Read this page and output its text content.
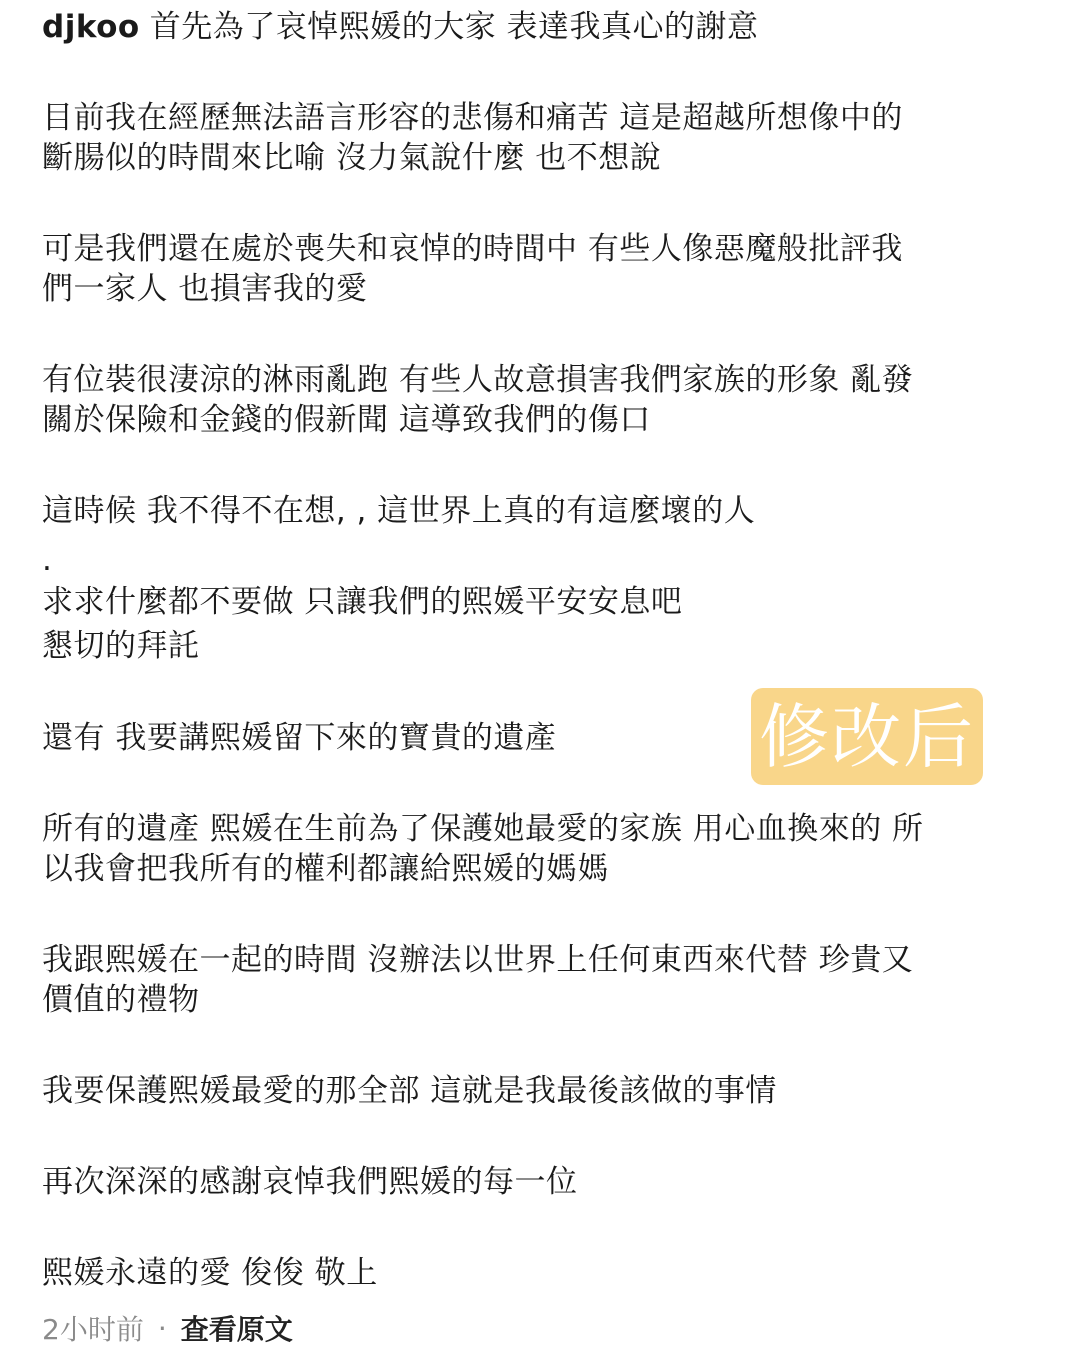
djkoo 首先為了哀悼熙媛的大家 表達我真心的謝意
目前我在經歷無法語言形容的悲傷和痛苦 這是超越所想像中的
斷腸似的時間來比喻 沒力氣說什麼 也不想說
可是我們還在處於喪失和哀悼的時間中 有些人像惡魔般批評我
們一家人 也損害我的愛
有位裝很淒涼的淋雨亂跑 有些人故意損害我們家族的形象 亂發
關於保險和金錢的假新聞 這導致我們的傷口
這時候 我不得不在想, , 這世界上真的有這麼壞的人
.
求求什麼都不要做 只讓我們的熙媛平安安息吧
懇切的拜託
還有 我要講熙媛留下來的寶貴的遺產
所有的遺產 熙媛在生前為了保護她最愛的家族 用心血換來的 所
以我會把我所有的權利都讓給熙媛的媽媽
我跟熙媛在一起的時間 沒辦法以世界上任何東西來代替 珍貴又
價值的禮物
我要保護熙媛最愛的那全部 這就是我最後該做的事情
再次深深的感謝哀悼我們熙媛的每一位
熙媛永遠的愛 俊俊 敬上
修改后
2小时前 · 查看原文
